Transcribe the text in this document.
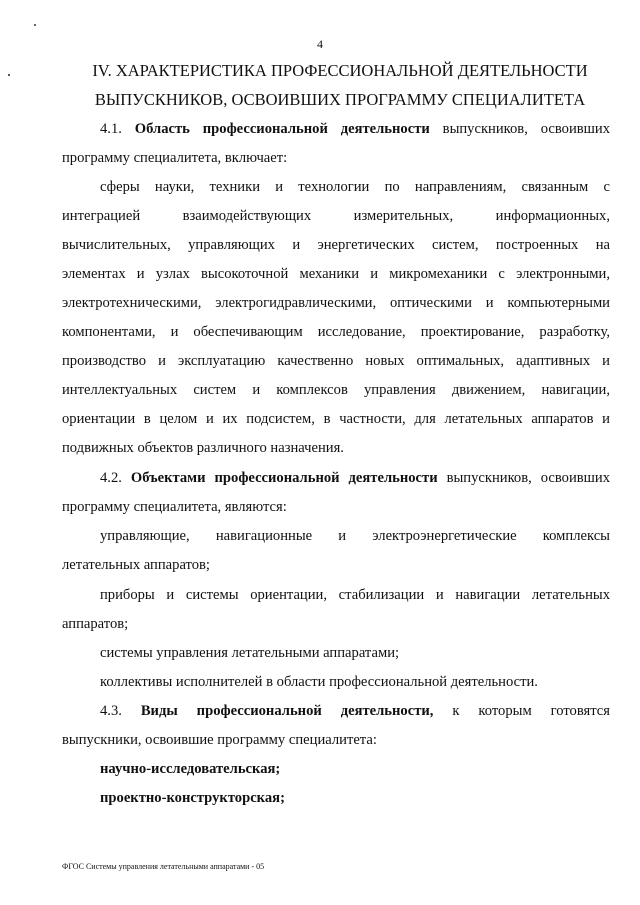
4
IV. ХАРАКТЕРИСТИКА ПРОФЕССИОНАЛЬНОЙ ДЕЯТЕЛЬНОСТИ
ВЫПУСКНИКОВ, ОСВОИВШИХ ПРОГРАММУ СПЕЦИАЛИТЕТА
4.1. Область профессиональной деятельности выпускников, освоивших
программу специалитета, включает:
сферы науки, техники и технологии по направлениям, связанным с
интеграцией взаимодействующих измерительных, информационных,
вычислительных, управляющих и энергетических систем, построенных на
элементах и узлах высокоточной механики и микромеханики с электронными,
электротехническими, электрогидравлическими, оптическими и компьютерными
компонентами, и обеспечивающим исследование, проектирование, разработку,
производство и эксплуатацию качественно новых оптимальных, адаптивных и
интеллектуальных систем и комплексов управления движением, навигации,
ориентации в целом и их подсистем, в частности, для летательных аппаратов и
подвижных объектов различного назначения.
4.2. Объектами профессиональной деятельности выпускников, освоивших
программу специалитета, являются:
управляющие, навигационные и электроэнергетические комплексы
летательных аппаратов;
приборы и системы ориентации, стабилизации и навигации летательных
аппаратов;
системы управления летательными аппаратами;
коллективы исполнителей в области профессиональной деятельности.
4.3. Виды профессиональной деятельности, к которым готовятся
выпускники, освоившие программу специалитета:
научно-исследовательская;
проектно-конструкторская;
ФГОС Системы управления летательными аппаратами - 05
